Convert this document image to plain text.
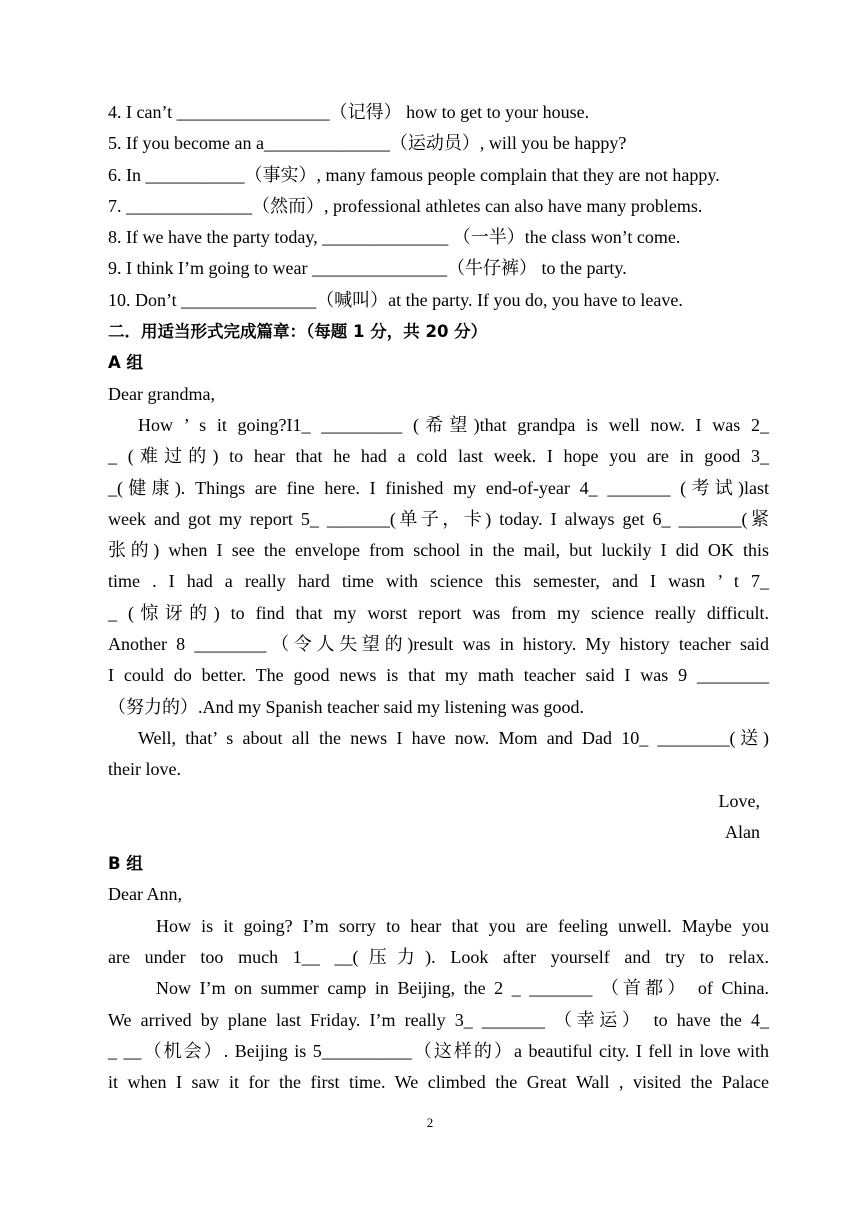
4. I can’t _________________（记得） how to get to your house.
5. If you become an a______________（运动员）, will you be happy?
6. In ___________（事实）, many famous people complain that they are not happy.
7. ______________（然而）, professional athletes can also have many problems.
8. If we have the party today, ______________ （一半）the class won’t come.
9. I think I’m going to wear _______________（牛仔裤） to the party.
10. Don’t _______________（喊叫）at the party. If you do, you have to leave.
二．用适当形式完成篇章：（每题 1 分，共 20 分）
A 组
Dear grandma,
How ’ s it going?I1_ _________ (希望)that grandpa is well now. I was 2_
_ (难过的) to hear that he had a cold last week. I hope you are in good 3_
_(健康). Things are fine here. I finished my end-of-year 4_ _______ (考试)last
week and got my report 5_ _______(单子，卡) today. I always get 6_ _______(紧
张的) when I see the envelope from school in the mail, but luckily I did OK this
time . I had a really hard time with science this semester, and I wasn ’ t 7_
_ (惊讶的) to find that my worst report was from my science really difficult.
Another 8 ________（令人失望的)result was in history. My history teacher said
I could do better. The good news is that my math teacher said I was 9 ________
（努力的）.And my Spanish teacher said my listening was good.
Well, that’ s about all the news I have now. Mom and Dad 10_ ________(送)
their love.
Love,
Alan
B 组
Dear Ann,
How is it going? I’m sorry to hear that you are feeling unwell. Maybe you
are under too much 1__ __(压力). Look after yourself and try to relax.
Now I’m on summer camp in Beijing, the 2 _ _______ （首都） of China.
We arrived by plane last Friday. I’m really 3_ _______ （幸运） to have the 4_
_ __（机会）. Beijing is 5__________（这样的）a beautiful city. I fell in love with
it when I saw it for the first time. We climbed the Great Wall , visited the Palace
2
